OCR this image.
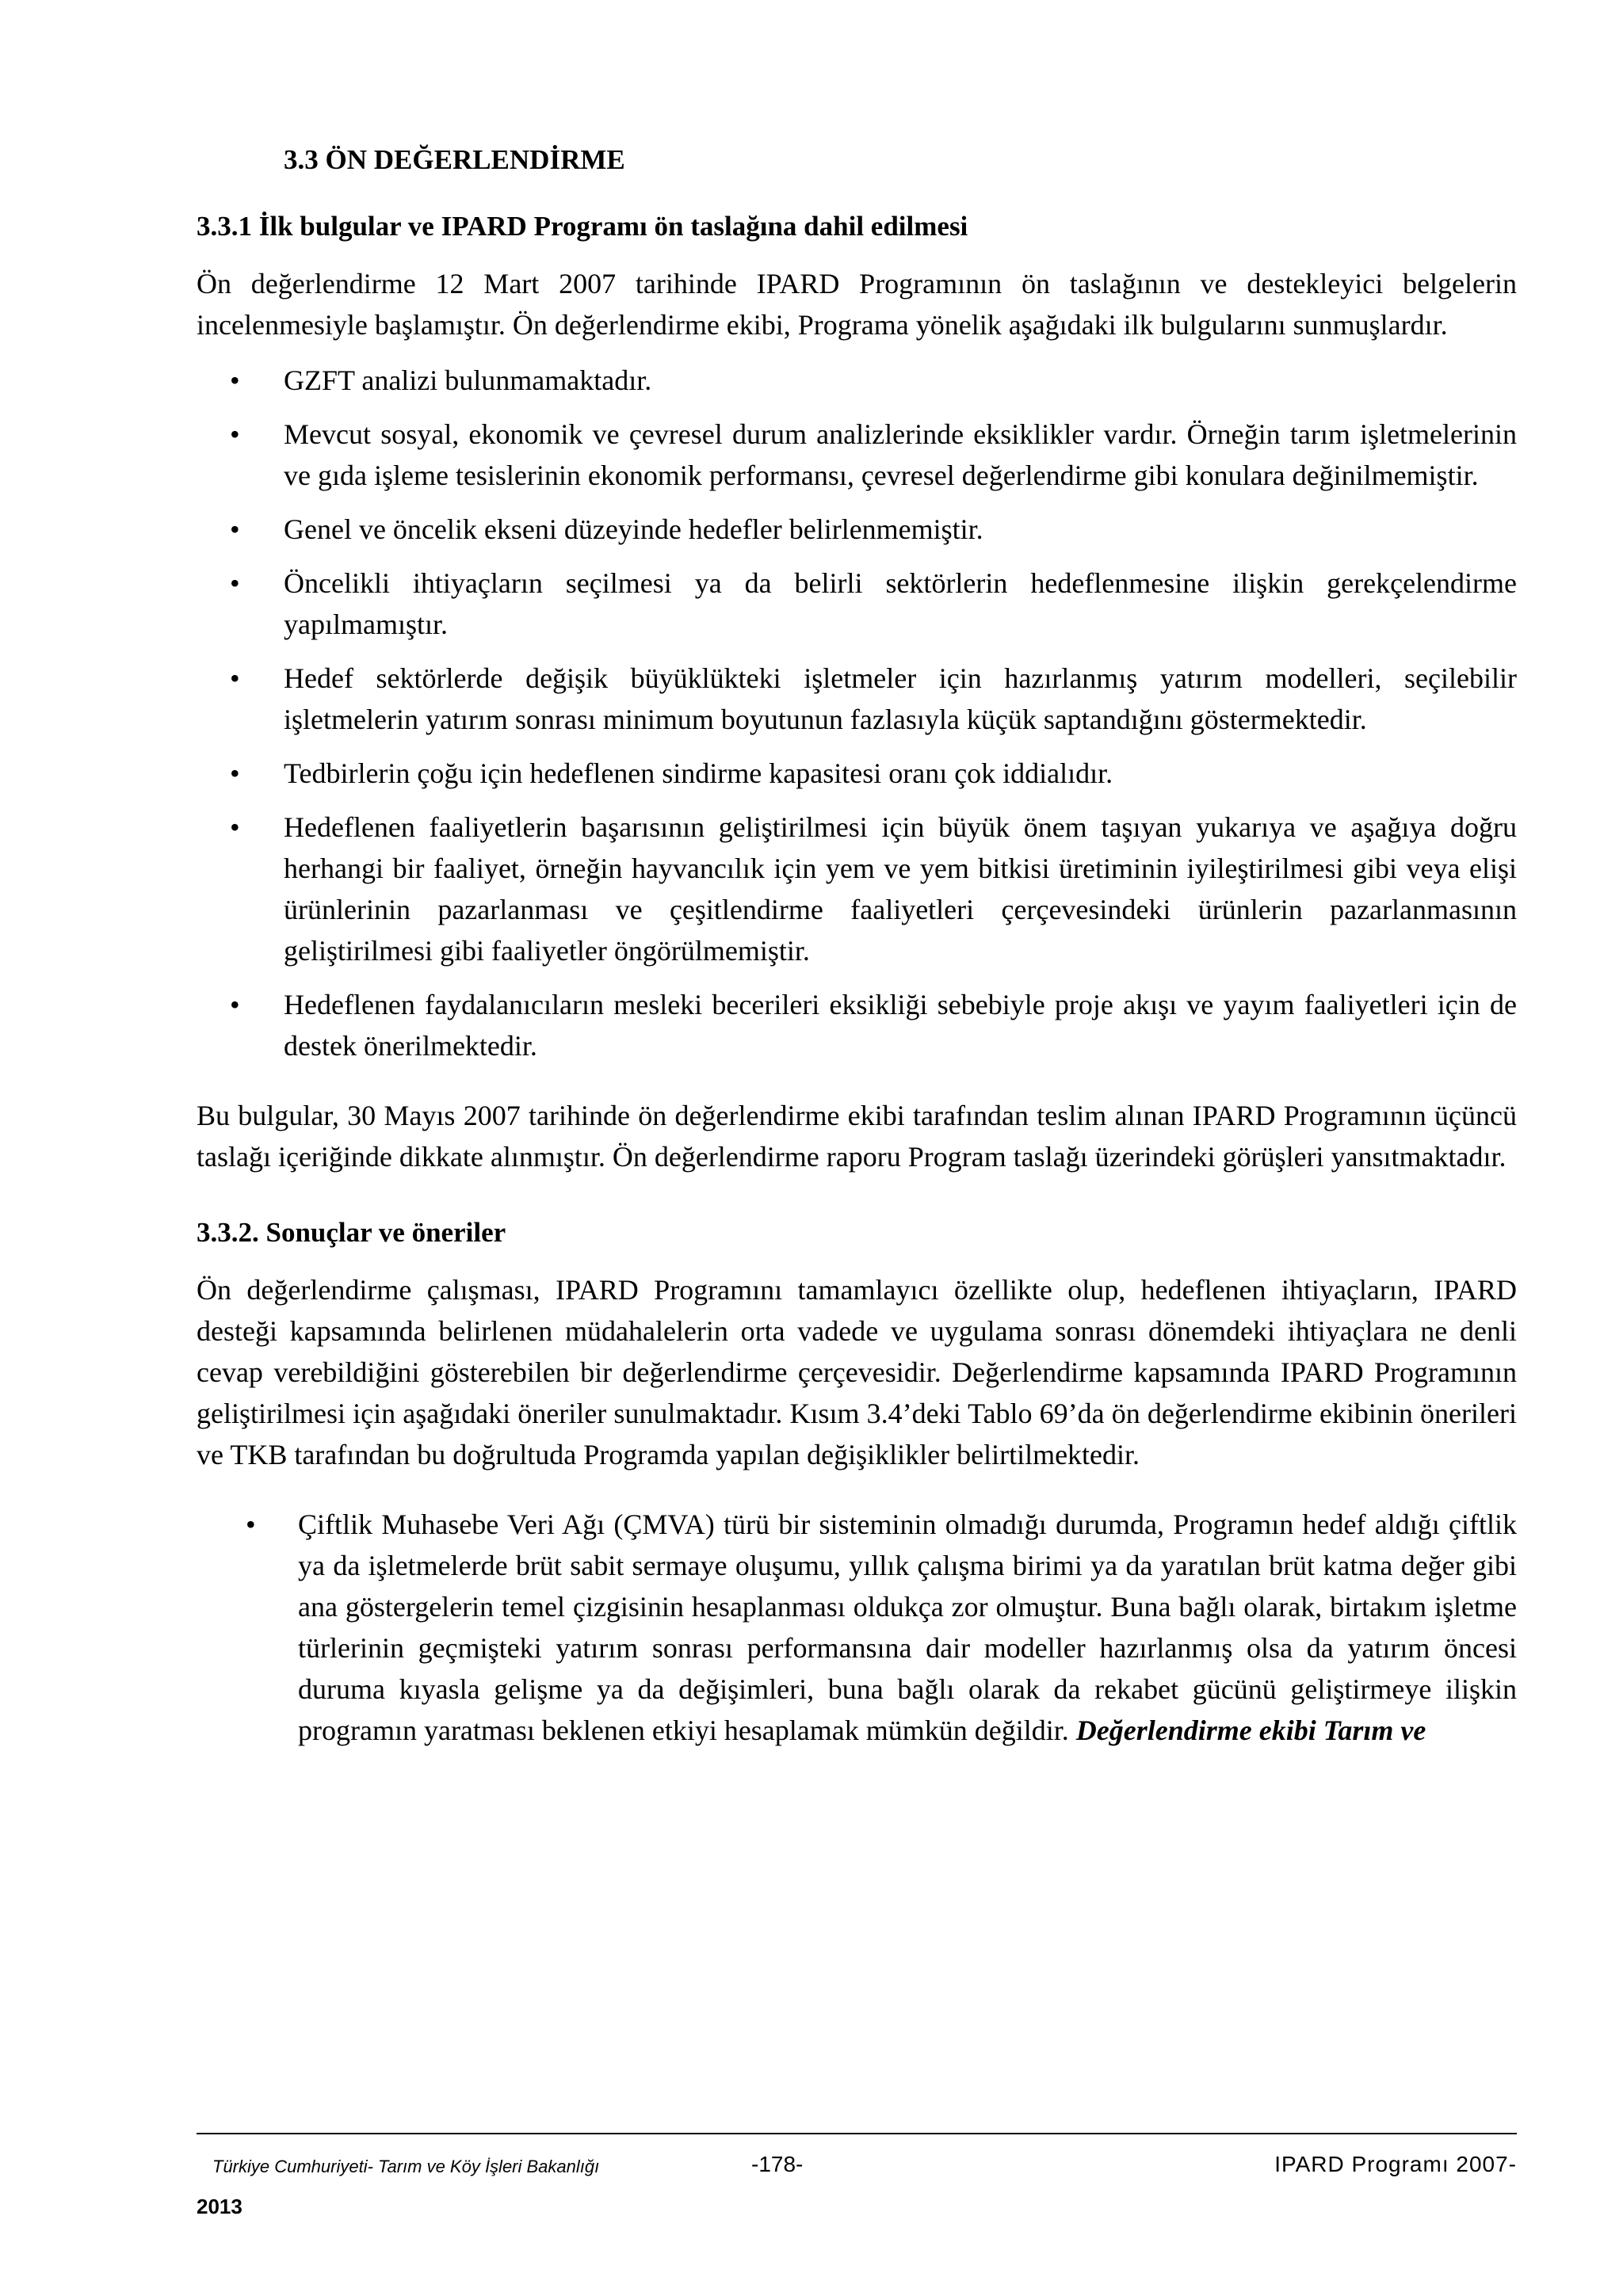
3.3 ÖN DEĞERLENDİRME
3.3.1 İlk bulgular ve IPARD Programı ön taslağına dahil edilmesi

Ön değerlendirme 12 Mart 2007 tarihinde IPARD Programının ön taslağının ve destekleyici belgelerin incelenmesiyle başlamıştır. Ön değerlendirme ekibi, Programa yönelik aşağıdaki ilk bulgularını sunmuşlardır.

• GZFT analizi bulunmamaktadır.
• Mevcut sosyal, ekonomik ve çevresel durum analizlerinde eksiklikler vardır. Örneğin tarım işletmelerinin ve gıda işleme tesislerinin ekonomik performansı, çevresel değerlendirme gibi konulara değinilmemiştir.
• Genel ve öncelik ekseni düzeyinde hedefler belirlenmemiştir.
• Öncelikli ihtiyaçların seçilmesi ya da belirli sektörlerin hedeflenmesine ilişkin gerekçelendirme yapılmamıştır.
• Hedef sektörlerde değişik büyüklükteki işletmeler için hazırlanmış yatırım modelleri, seçilebilir işletmelerin yatırım sonrası minimum boyutunun fazlasıyla küçük saptandığını göstermektedir.
• Tedbirlerin çoğu için hedeflenen sindirme kapasitesi oranı çok iddialıdır.
• Hedeflenen faaliyetlerin başarısının geliştirilmesi için büyük önem taşıyan yukarıya ve aşağıya doğru herhangi bir faaliyet, örneğin hayvancılık için yem ve yem bitkisi üretiminin iyileştirilmesi gibi veya elişi ürünlerinin pazarlanması ve çeşitlendirme faaliyetleri çerçevesindeki ürünlerin pazarlanmasının geliştirilmesi gibi faaliyetler öngörülmemiştir.
• Hedeflenen faydalanıcıların mesleki becerileri eksikliği sebebiyle proje akışı ve yayım faaliyetleri için de destek önerilmektedir.

Bu bulgular, 30 Mayıs 2007 tarihinde ön değerlendirme ekibi tarafından teslim alınan IPARD Programının üçüncü taslağı içeriğinde dikkate alınmıştır. Ön değerlendirme raporu Program taslağı üzerindeki görüşleri yansıtmaktadır.

3.3.2. Sonuçlar ve öneriler

Ön değerlendirme çalışması, IPARD Programını tamamlayıcı özellikte olup, hedeflenen ihtiyaçların, IPARD desteği kapsamında belirlenen müdahalelerin orta vadede ve uygulama sonrası dönemdeki ihtiyaçlara ne denli cevap verebildiğini gösterebilen bir değerlendirme çerçevesidir. Değerlendirme kapsamında IPARD Programının geliştirilmesi için aşağıdaki öneriler sunulmaktadır. Kısım 3.4’deki Tablo 69’da ön değerlendirme ekibinin önerileri ve TKB tarafından bu doğrultuda Programda yapılan değişiklikler belirtilmektedir.

• Çiftlik Muhasebe Veri Ağı (ÇMVA) türü bir sisteminin olmadığı durumda, Programın hedef aldığı çiftlik ya da işletmelerde brüt sabit sermaye oluşumu, yıllık çalışma birimi ya da yaratılan brüt katma değer gibi ana göstergelerin temel çizgisinin hesaplanması oldukça zor olmuştur. Buna bağlı olarak, birtakım işletme türlerinin geçmişteki yatırım sonrası performansına dair modeller hazırlanmış olsa da yatırım öncesi duruma kıyasla gelişme ya da değişimleri, buna bağlı olarak da rekabet gücünü geliştirmeye ilişkin programın yaratması beklenen etkiyi hesaplamak mümkün değildir. Değerlendirme ekibi Tarım ve
Türkiye Cumhuriyeti- Tarım ve Köy İşleri Bakanlığı	-178-	IPARD Programı 2007-
2013
